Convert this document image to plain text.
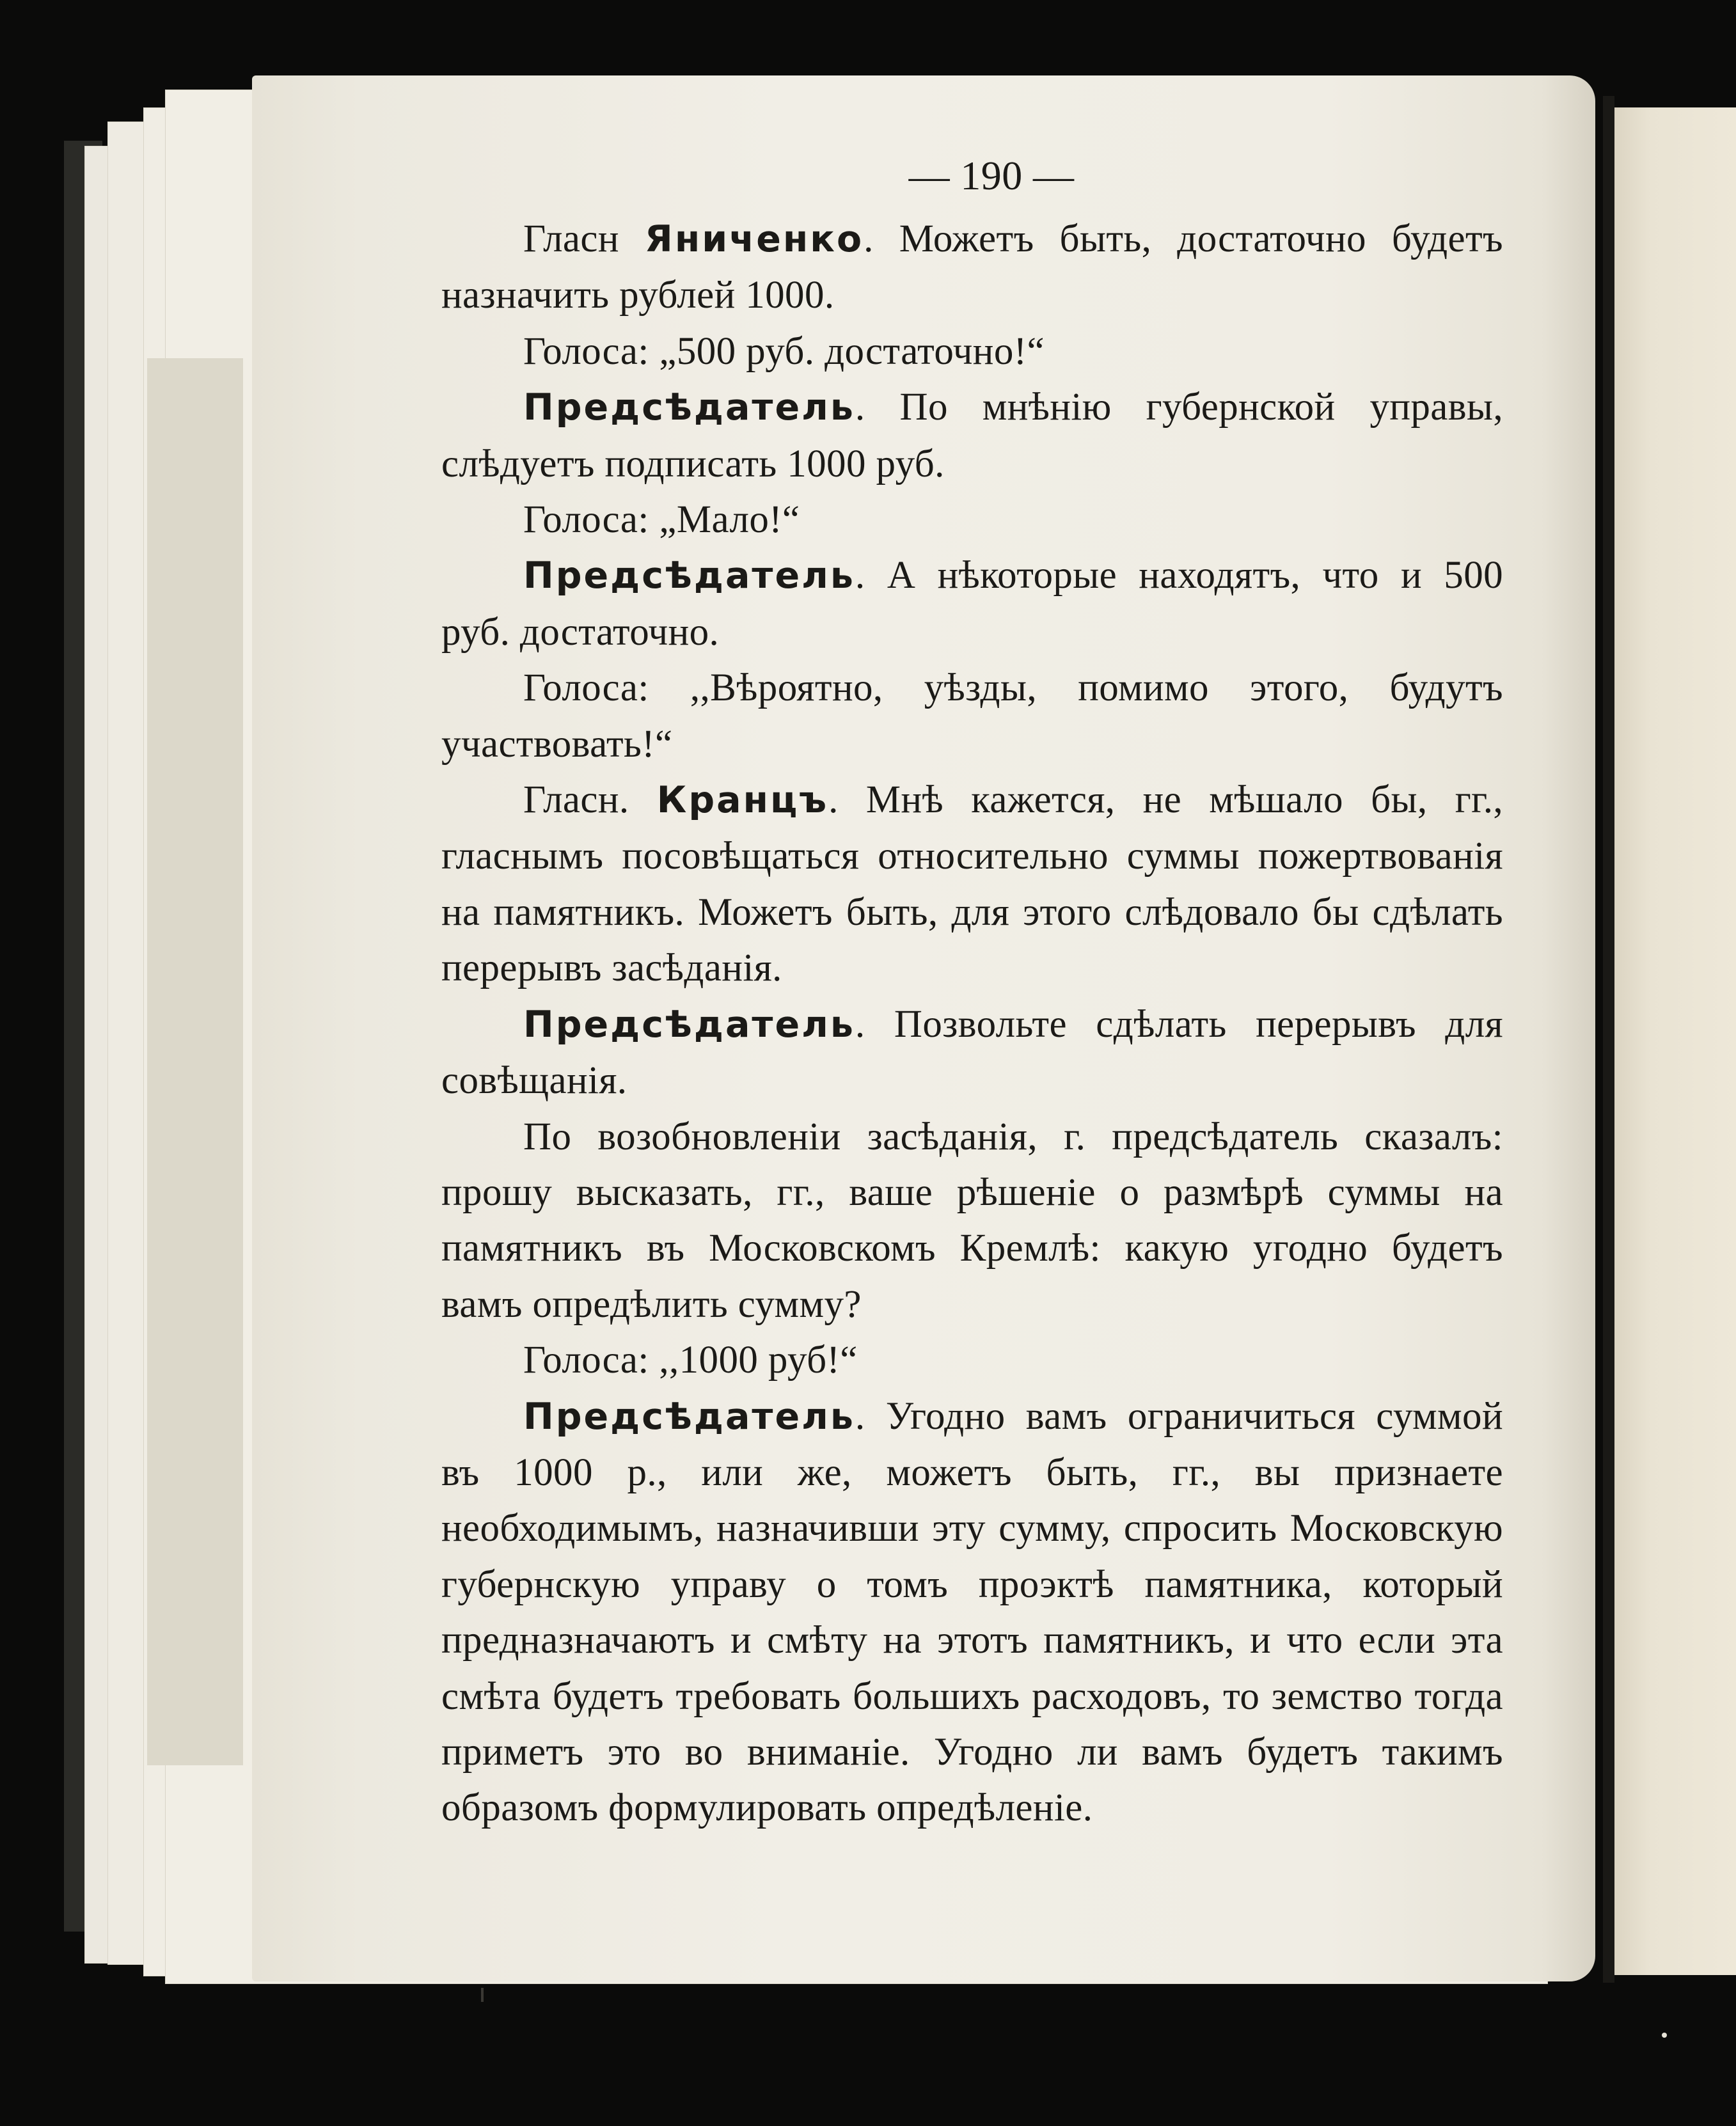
— 190 —

Гласн Яниченко. Можетъ быть, достаточно будетъ назначить рублей 1000.

Голоса: „500 руб. достаточно!“

Предсѣдатель. По мнѣнію губернской управы, слѣдуетъ подписать 1000 руб.

Голоса: „Мало!“

Предсѣдатель. А нѣкоторые находятъ, что и 500 руб. достаточно.

Голоса: ,,Вѣроятно, уѣзды, помимо этого, будутъ участвовать!“

Гласн. Кранцъ. Мнѣ кажется, не мѣшало бы, гг., гласнымъ посовѣщаться относительно суммы пожертвованія на памятникъ. Можетъ быть, для этого слѣдовало бы сдѣлать перерывъ засѣданія.

Предсѣдатель. Позвольте сдѣлать перерывъ для совѣщанія.

По возобновленіи засѣданія, г. предсѣдатель сказалъ: прошу высказать, гг., ваше рѣшеніе о размѣрѣ суммы на памятникъ въ Московскомъ Кремлѣ: какую угодно будетъ вамъ опредѣлить сумму?

Голоса: ,,1000 руб!“

Предсѣдатель. Угодно вамъ ограничиться суммой въ 1000 р., или же, можетъ быть, гг., вы признаете необходимымъ, назначивши эту сумму, спросить Московскую губернскую управу о томъ проэктѣ памятника, который предназначаютъ и смѣту на этотъ памятникъ, и что если эта смѣта будетъ требовать большихъ расходовъ, то земство тогда приметъ это во вниманіе. Угодно ли вамъ будетъ такимъ образомъ формулировать опредѣленіе.
